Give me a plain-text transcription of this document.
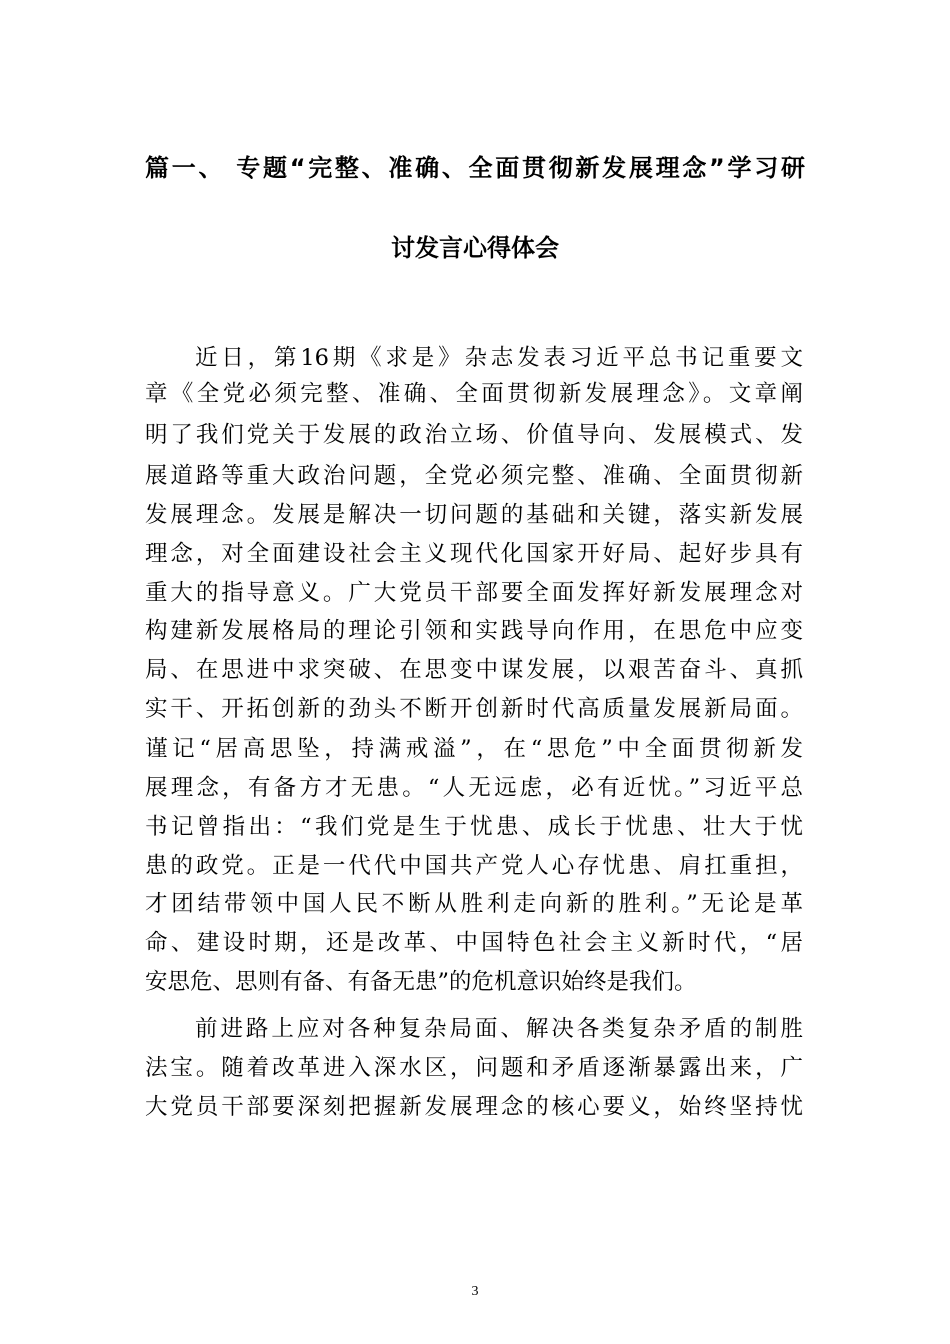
篇一、 专题“完整、准确、全面贯彻新发展理念”学习研
讨发言心得体会

近日，第16期《求是》杂志发表习近平总书记重要文

章《全党必须完整、准确、全面贯彻新发展理念》。文章阐

明了我们党关于发展的政治立场、价值导向、发展模式、发

展道路等重大政治问题，全党必须完整、准确、全面贯彻新

发展理念。发展是解决一切问题的基础和关键，落实新发展

理念，对全面建设社会主义现代化国家开好局、起好步具有

重大的指导意义。广大党员干部要全面发挥好新发展理念对

构建新发展格局的理论引领和实践导向作用，在思危中应变

局、在思进中求突破、在思变中谋发展，以艰苦奋斗、真抓

实干、开拓创新的劲头不断开创新时代高质量发展新局面。

谨记“居高思坠，持满戒溢”，在“思危”中全面贯彻新发

展理念，有备方才无患。“人无远虑，必有近忧。”习近平总

书记曾指出：“我们党是生于忧患、成长于忧患、壮大于忧

患的政党。正是一代代中国共产党人心存忧患、肩扛重担，

才团结带领中国人民不断从胜利走向新的胜利。”无论是革

命、建设时期，还是改革、中国特色社会主义新时代，“居

安思危、思则有备、有备无患”的危机意识始终是我们。

前进路上应对各种复杂局面、解决各类复杂矛盾的制胜

法宝。随着改革进入深水区，问题和矛盾逐渐暴露出来，广

大党员干部要深刻把握新发展理念的核心要义，始终坚持忧

3
